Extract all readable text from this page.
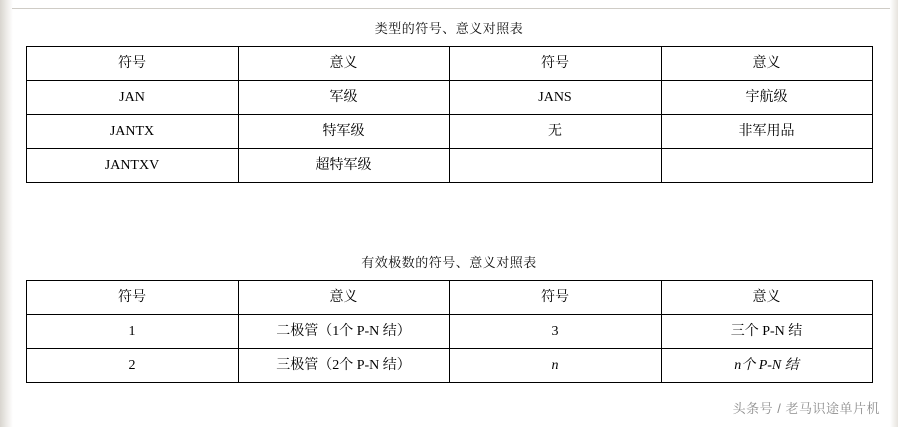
类型的符号、意义对照表
符号	意义	符号	意义
JAN	军级	JANS	宇航级
JANTX	特军级	无	非军用品
JANTXV	超特军级		
有效极数的符号、意义对照表
符号	意义	符号	意义
1	二极管（1个 P-N 结）	3	三个 P-N 结
2	三极管（2个 P-N 结）	n	n个 P-N 结
头条号 / 老马识途单片机
